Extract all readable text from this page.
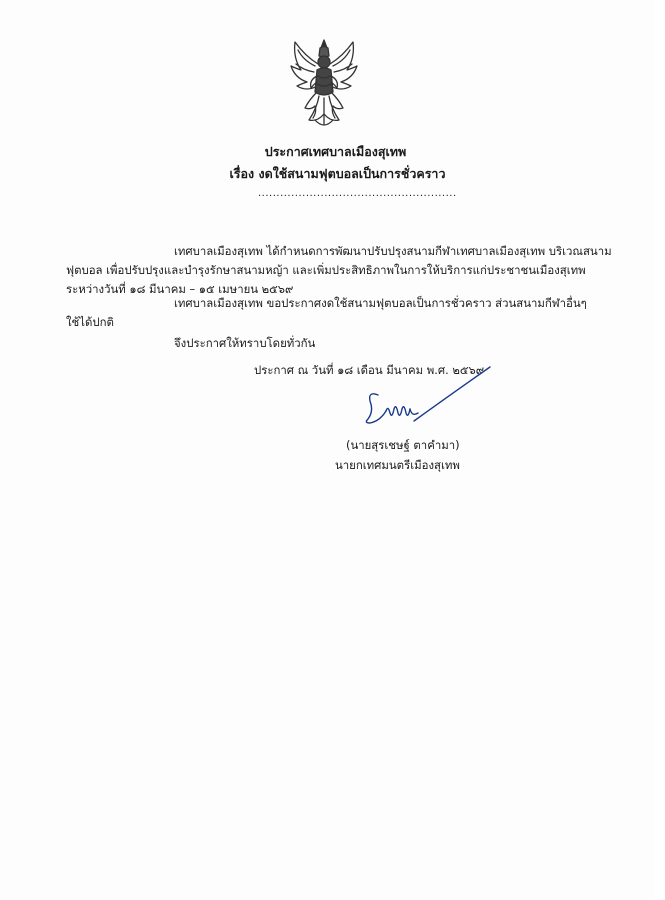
ประกาศเทศบาลเมืองสุเทพ
เรื่อง งดใช้สนามฟุตบอลเป็นการชั่วคราว
......................................................
เทศบาลเมืองสุเทพ ได้กำหนดการพัฒนาปรับปรุงสนามกีฬาเทศบาลเมืองสุเทพ บริเวณสนาม
ฟุตบอล เพื่อปรับปรุงและบำรุงรักษาสนามหญ้า และเพิ่มประสิทธิภาพในการให้บริการแก่ประชาชนเมืองสุเทพ
ระหว่างวันที่ ๑๘ มีนาคม – ๑๕ เมษายน ๒๕๖๙
เทศบาลเมืองสุเทพ ขอประกาศงดใช้สนามฟุตบอลเป็นการชั่วคราว ส่วนสนามกีฬาอื่นๆ
ใช้ได้ปกติ
จึงประกาศให้ทราบโดยทั่วกัน
ประกาศ ณ วันที่ ๑๘ เดือน มีนาคม พ.ศ. ๒๕๖๙
(นายสุรเชษฐ์ ตาคำมา)
นายกเทศมนตรีเมืองสุเทพ
